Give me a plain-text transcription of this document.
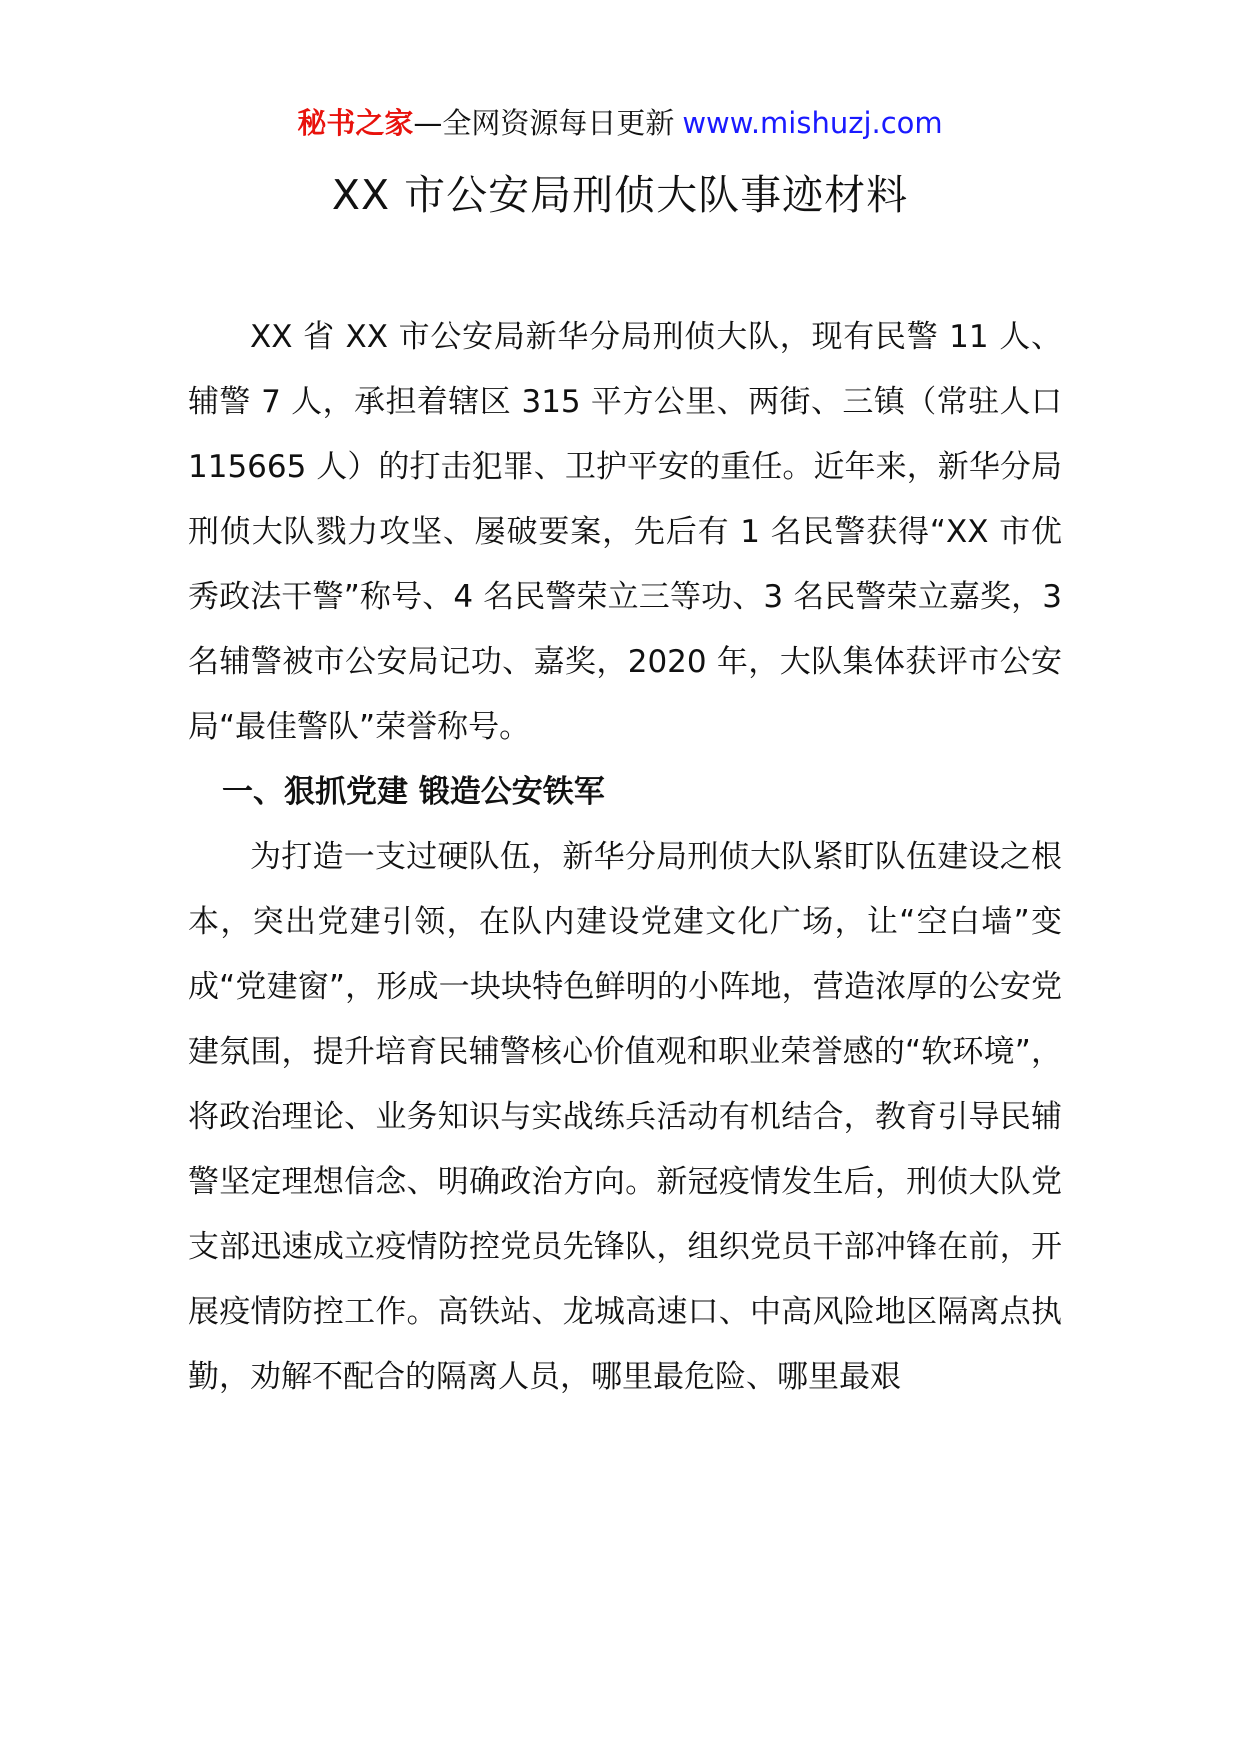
秘书之家—全网资源每日更新 www.mishuzj.com
XX 市公安局刑侦大队事迹材料

XX 省 XX 市公安局新华分局刑侦大队，现有民警 11 人、辅警 7 人，承担着辖区 315 平方公里、两街、三镇（常驻人口 115665 人）的打击犯罪、卫护平安的重任。近年来，新华分局刑侦大队戮力攻坚、屡破要案，先后有 1 名民警获得“XX 市优秀政法干警”称号、4 名民警荣立三等功、3 名民警荣立嘉奖，3 名辅警被市公安局记功、嘉奖，2020 年，大队集体获评市公安局“最佳警队”荣誉称号。

一、狠抓党建 锻造公安铁军

为打造一支过硬队伍，新华分局刑侦大队紧盯队伍建设之根本，突出党建引领，在队内建设党建文化广场，让“空白墙”变成“党建窗”，形成一块块特色鲜明的小阵地，营造浓厚的公安党建氛围，提升培育民辅警核心价值观和职业荣誉感的“软环境”，将政治理论、业务知识与实战练兵活动有机结合，教育引导民辅警坚定理想信念、明确政治方向。新冠疫情发生后，刑侦大队党支部迅速成立疫情防控党员先锋队，组织党员干部冲锋在前，开展疫情防控工作。高铁站、龙城高速口、中高风险地区隔离点执勤，劝解不配合的隔离人员，哪里最危险、哪里最艰
